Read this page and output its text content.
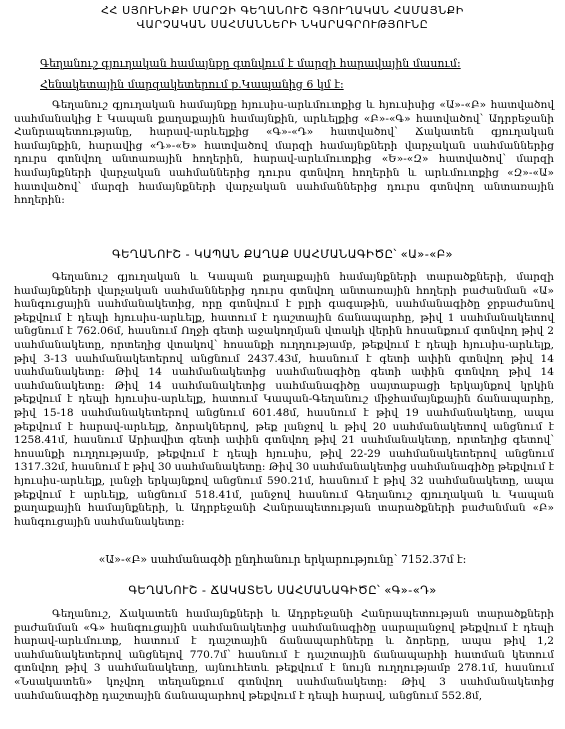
ՀՀ ՍՅՈՒՆԻՔԻ ՄԱՐԶԻ ԳԵՂԱՆՈՒՇ ԳՅՈՒՂԱԿԱՆ ՀԱՄԱՅՆՔԻ
ՎԱՐՉԱԿԱՆ ՍԱՀՄԱՆՆԵՐԻ ՆԿԱՐԱԳՐՈՒԹՅՈՒՆԸ
Գեղանուշ գյուղական համայնքը գտնվում է մարզի հարավային մասում:
Հենակետային մարզակետերում ք.Կապանից 6 կմ է:
Գեղանուշ գյուղական համայնքը հյուսիս-արևմուտքից և հյուսիսից «Ա»-«Բ» հատվածով սահմանակից է Կապան քաղաքային համայնքին, արևելքից «Բ»-«Գ» հատվածով՝ Ադրբեջանի Հանրապետությանը, հարավ-արևելքից «Գ»-«Դ» հատվածով՝ Ճակատեն գյուղական համայնքին, հարավից «Դ»-«Ե» հատվածով մարզի համայնքների վարչական սահմաններից դուրս գտնվող անտառային հողերին, հարավ-արևմուտքից «Ե»-«Զ» հատվածով՝ մարզի համայնքների վարչական սահմաններից դուրս գտնվող հողերին և արևմուտքից «Զ»-«Ա» հատվածով՝ մարզի համայնքների վարչական սահմաններից դուրս գտնվող անտառային հողերին:
ԳԵՂԱՆՈՒՇ - ԿԱՊԱՆ ՔԱՂԱՔ ՍԱՀՄԱՆԱԳԻԾԸ՝ «Ա»-«Բ»
Գեղանուշ գյուղական և Կապան քաղաքային համայնքների տարածքների, մարզի համայնքների վարչական սահմաններից դուրս գտնվող անտառային հողերի բաժանման «Ա» հանգուցային սահմանակետից, որը գտնվում է բլրի գագաթին, սահմանագիծը ջրբաժանով թեքվում է դեպի հյուսիս-արևելք, հատում է դաշտային ճանապարհը, թիվ 1 սահմանակետով անցնում է 762.06մ, հասնում Ողջի գետի աջակողմյան վտակի վերին հոսանքում գտնվող թիվ 2 սահմանակետը, որտեղից վտակով՝ հոսանքի ուղղությամբ, թեքվում է դեպի հյուսիս-արևելք, թիվ 3-13 սահմանակետերով անցնում 2437.43մ, հասնում է գետի ափին գտնվող թիվ 14 սահմանակետը: Թիվ 14 սահմանակետից սահմանագիծը գետի ափին գտնվող թիվ 14 սահմանակետը: Թիվ 14 սահմանակետից սահմանագիծը սայտաբացի երկայնքով կրկին թեքվում է դեպի հյուսիս-արևելք, հատում Կապան-Գեղանուշ միջհամայնքային ճանապարհը, թիվ 15-18 սահմանակետերով անցնում 601.48մ, հասնում է թիվ 19 սահմանակետը, ապա թեքվում է հարավ-արևելք, ձորակներով, թեք լանջով և թիվ 20 սահմանակետով անցնում է 1258.41մ, հասնում Արիավիտ գետի ափին գտնվող թիվ 21 սահմանակետը, որտեղից գետով՝ հոսանքի ուղղությամբ, թեքվում է դեպի հյուսիս, թիվ 22-29 սահմանակետերով անցնում 1317.32մ, հասնում է թիվ 30 սահմանակետը: Թիվ 30 սահմանակետից սահմանագիծը թեքվում է հյուսիս-արևելք, լանջի երկայնքով անցնում 590.21մ, հասնում է թիվ 32 սահմանակետը, ապա թեքվում է արևելք, անցնում 518.41մ, լանջով հասնում Գեղանուշ գյուղական և Կապան քաղաքային համայնքների, և Ադրբեջանի Հանրապետության տարածքների բաժանման «Բ» հանգուցային սահմանակետը:
«Ա»-«Բ» սահմանագծի ընդհանուր երկարությունը՝ 7152.37մ է:
ԳԵՂԱՆՈՒՇ - ՃԱԿԱՏԵՆ ՍԱՀՄԱՆԱԳԻԾԸ՝ «Գ»-«Դ»
Գեղանուշ, Ճակատեն համայնքների և Ադրբեջանի Հանրապետության տարածքների բաժանման «Գ» հանգուցային սահմանակետից սահմանագիծը սարալանջով թեքվում է դեպի հարավ-արևմուտք, հատում է դաշտային ճանապարհները և ձորերը, ապա թիվ 1,2 սահմանակետերով անցնելով 770.7մ՝ հասնում է դաշտային ճանապարհի հատման կետում գտնվող թիվ 3 սահմանակետը, այնուհետև թեքվում է նույն ուղղությամբ 278.1մ, հասնում «Նսակատեն» կոչվող տեղանքում գտնվող սահմանակետը: Թիվ 3 սահմանակետից սահմանագիծը դաշտային ճանապարհով թեքվում է դեպի հարավ, անցնում 552.8մ,
